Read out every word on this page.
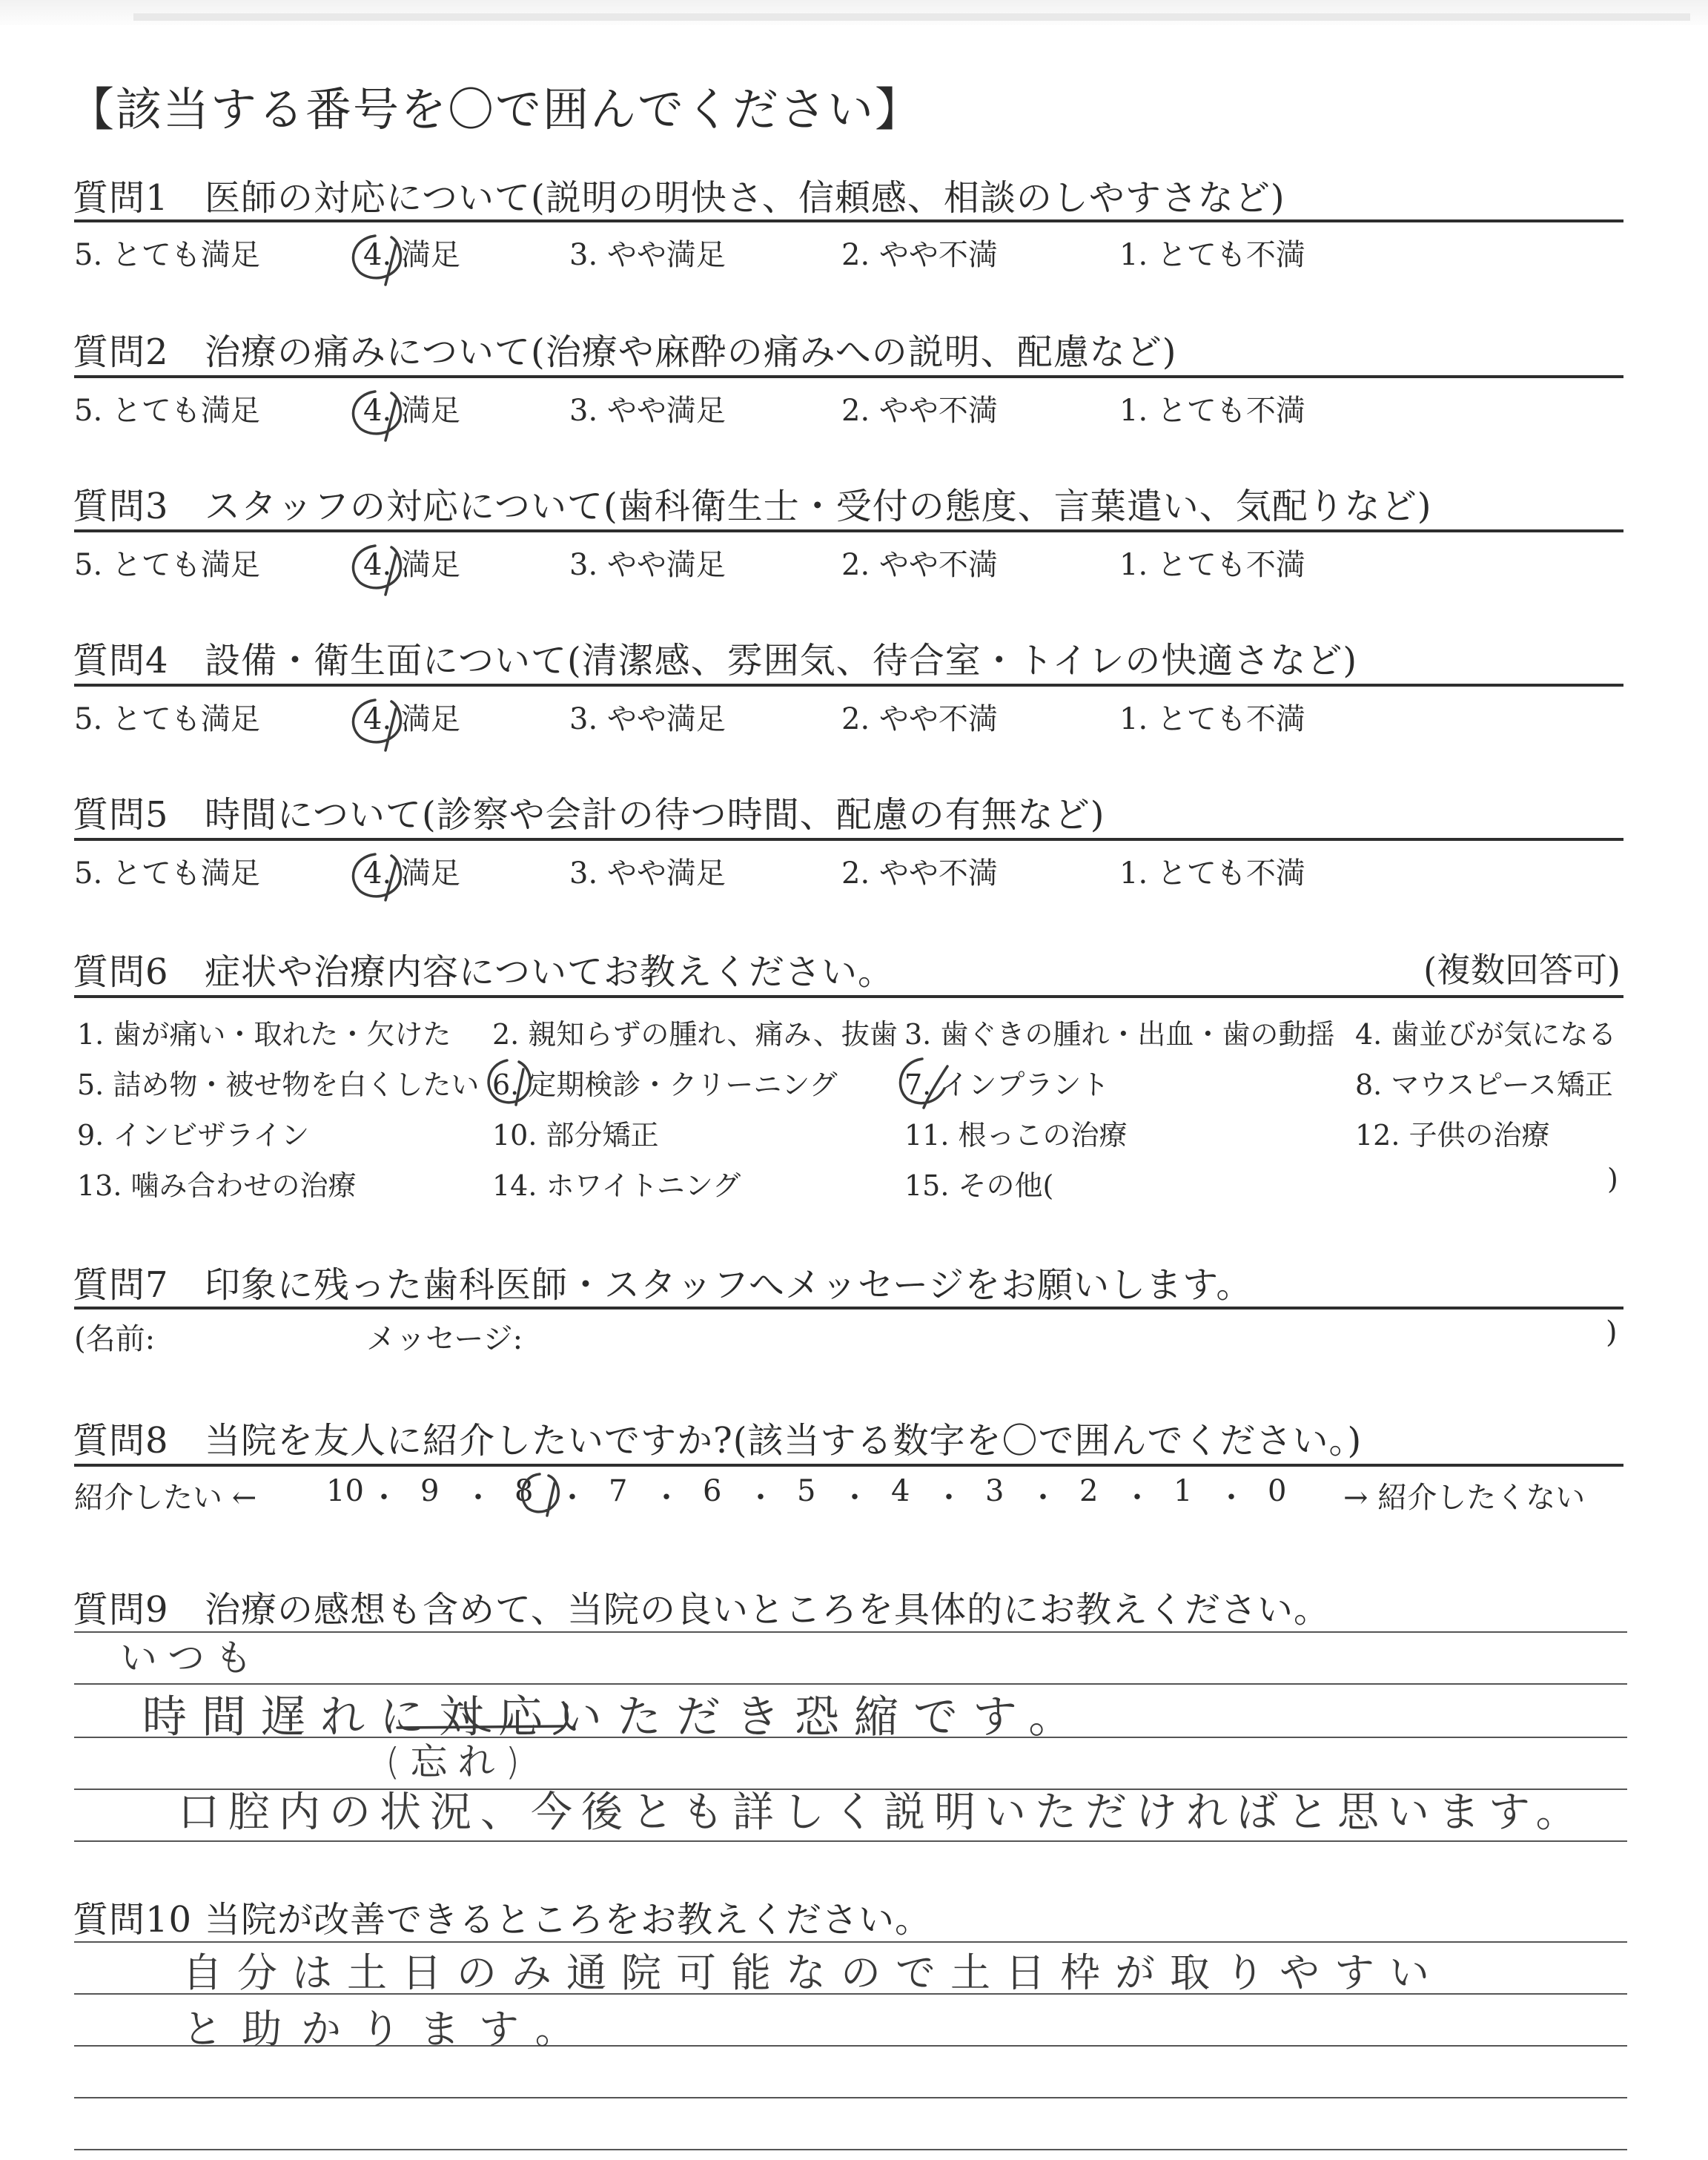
【該当する番号を〇で囲んでください】
質問1 医師の対応について(説明の明快さ、信頼感、相談のしやすさなど)
5. とても満足	4. 満足	3. やや満足	2. やや不満	1. とても不満
質問2 治療の痛みについて(治療や麻酔の痛みへの説明、配慮など)
5. とても満足	4. 満足	3. やや満足	2. やや不満	1. とても不満
質問3 スタッフの対応について(歯科衛生士・受付の態度、言葉遣い、気配りなど)
5. とても満足	4. 満足	3. やや満足	2. やや不満	1. とても不満
質問4 設備・衛生面について(清潔感、雰囲気、待合室・トイレの快適さなど)
5. とても満足	4. 満足	3. やや満足	2. やや不満	1. とても不満
質問5 時間について(診察や会計の待つ時間、配慮の有無など)
5. とても満足	4. 満足	3. やや満足	2. やや不満	1. とても不満
質問6 症状や治療内容についてお教えください。	(複数回答可)
1. 歯が痛い・取れた・欠けた 2. 親知らずの腫れ、痛み、抜歯 3. 歯ぐきの腫れ・出血・歯の動揺 4. 歯並びが気になる
5. 詰め物・被せ物を白くしたい 6. 定期検診・クリーニング 7. インプラント	8. マウスピース矯正
9. インビザライン	10. 部分矯正	11. 根っこの治療	12. 子供の治療
13. 噛み合わせの治療	14. ホワイトニング	15. その他(	)
質問7 印象に残った歯科医師・スタッフへメッセージをお願いします。
(名前:	メッセージ:	)
質問8 当院を友人に紹介したいですか?(該当する数字を〇で囲んでください。)
紹介したい ←	→ 紹介したくない
10 ・ 9 ・ 8 ・ 7 ・ 6 ・ 5 ・ 4 ・ 3 ・ 2 ・ 1 ・ 0
質問9 治療の感想も含めて、当院の良いところを具体的にお教えください。
いつも
時間遅れに対応いただき恐縮です。
(忘れ)
口腔内の状況、今後とも詳しく説明いただければと思います。
質問10 当院が改善できるところをお教えください。
自分は土日のみ通院可能なので土日枠が取りやすい
と助かります。
